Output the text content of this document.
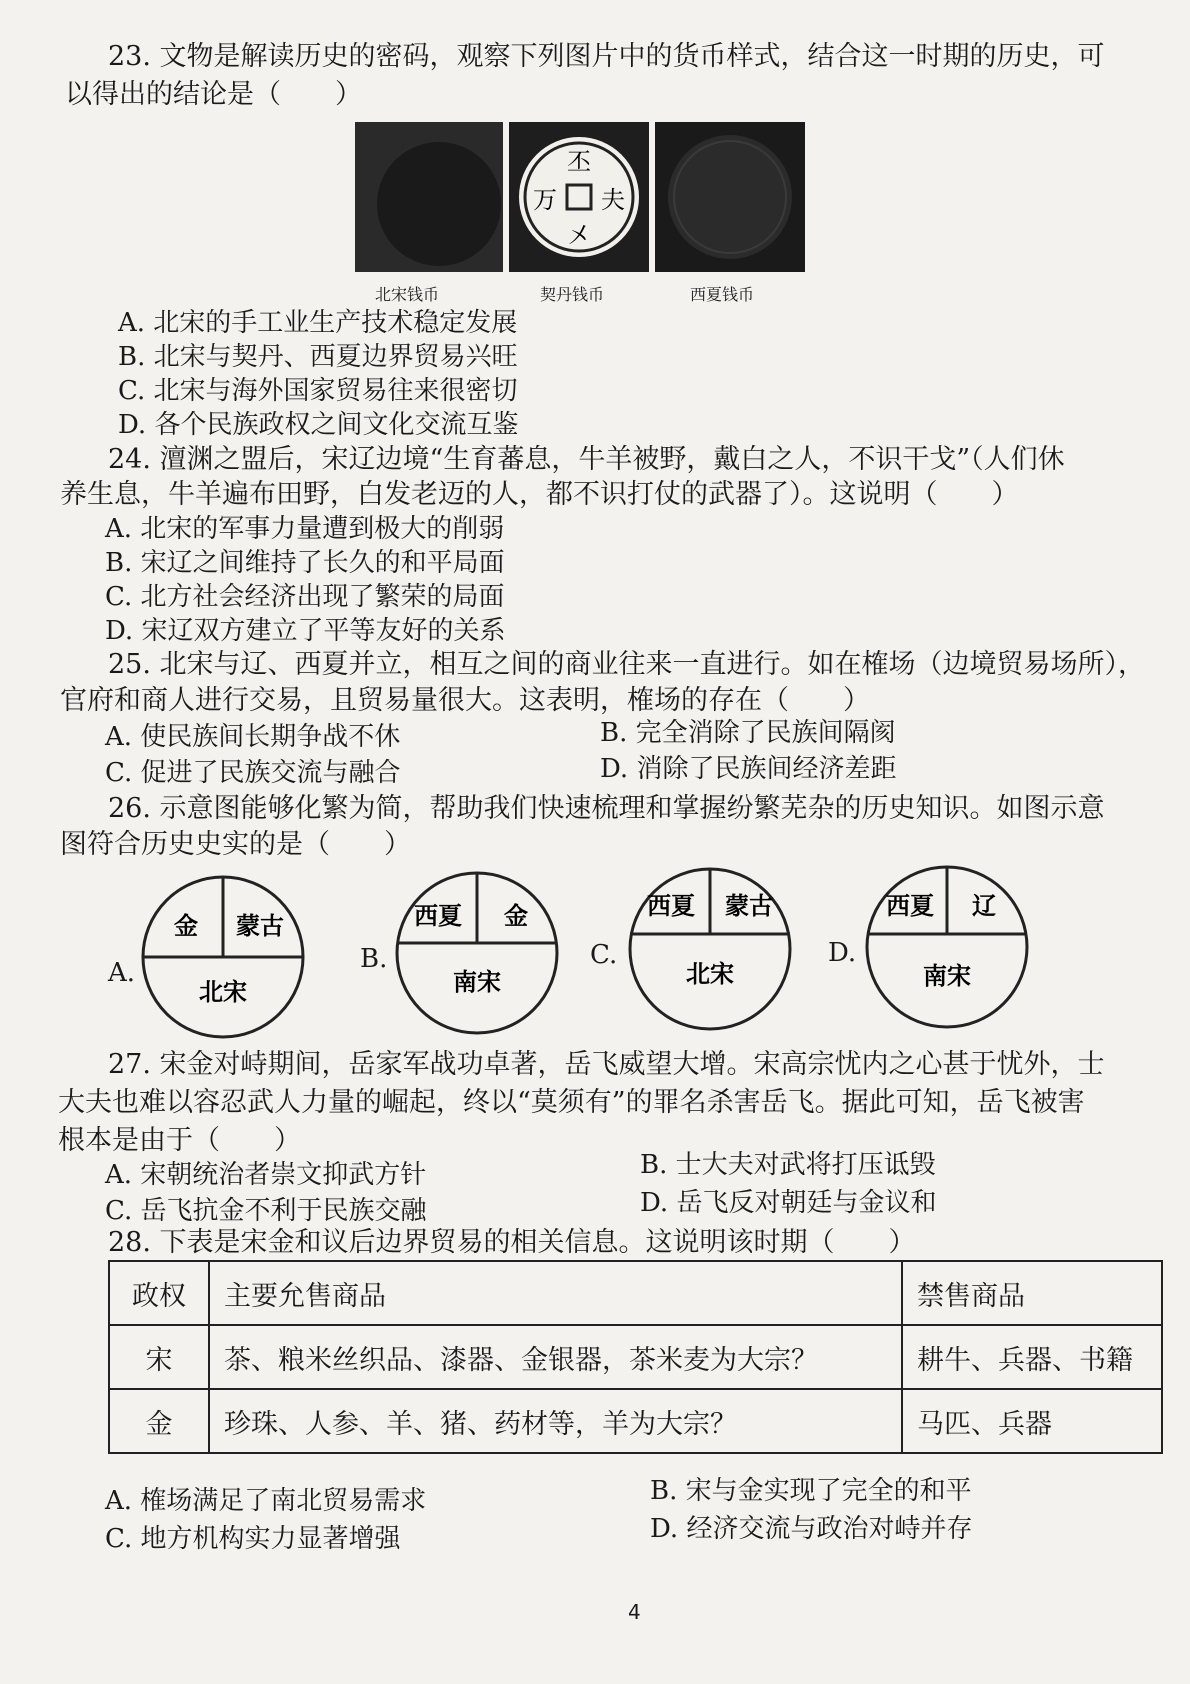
23. 文物是解读历史的密码，观察下列图片中的货币样式，结合这一时期的历史，可
以得出的结论是（　　）
丕
万 夫
㐅
北宋钱币	契丹钱币	西夏钱币
A. 北宋的手工业生产技术稳定发展
B. 北宋与契丹、西夏边界贸易兴旺
C. 北宋与海外国家贸易往来很密切
D. 各个民族政权之间文化交流互鉴
24. 澶渊之盟后，宋辽边境“生育蕃息，牛羊被野，戴白之人，不识干戈”（人们休
养生息，牛羊遍布田野，白发老迈的人，都不识打仗的武器了）。这说明（　　）
A. 北宋的军事力量遭到极大的削弱
B. 宋辽之间维持了长久的和平局面
C. 北方社会经济出现了繁荣的局面
D. 宋辽双方建立了平等友好的关系
25. 北宋与辽、西夏并立，相互之间的商业往来一直进行。如在榷场（边境贸易场所），
官府和商人进行交易，且贸易量很大。这表明，榷场的存在（　　）
A. 使民族间长期争战不休	B. 完全消除了民族间隔阂
C. 促进了民族交流与融合	D. 消除了民族间经济差距
26. 示意图能够化繁为简，帮助我们快速梳理和掌握纷繁芜杂的历史知识。如图示意
图符合历史史实的是（　　）
A.
金 蒙古
北宋
B.
西夏 金
南宋
C.
西夏 蒙古
北宋
D.
西夏 辽
南宋
27. 宋金对峙期间，岳家军战功卓著，岳飞威望大增。宋高宗忧内之心甚于忧外，士
大夫也难以容忍武人力量的崛起，终以“莫须有”的罪名杀害岳飞。据此可知，岳飞被害
根本是由于（　　）
A. 宋朝统治者崇文抑武方针	B. 士大夫对武将打压诋毁
C. 岳飞抗金不利于民族交融	D. 岳飞反对朝廷与金议和
28. 下表是宋金和议后边界贸易的相关信息。这说明该时期（　　）
政权	主要允售商品	禁售商品
宋	茶、粮米丝织品、漆器、金银器，茶米麦为大宗？	耕牛、兵器、书籍
金	珍珠、人参、羊、猪、药材等，羊为大宗？	马匹、兵器
A. 榷场满足了南北贸易需求	B. 宋与金实现了完全的和平
C. 地方机构实力显著增强	D. 经济交流与政治对峙并存
4
